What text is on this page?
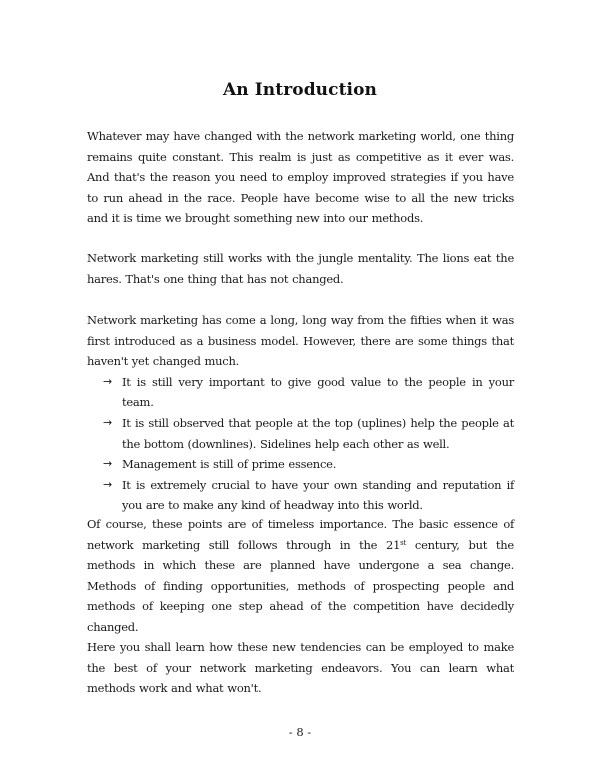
An Introduction

Whatever may have changed with the network marketing world, one thing remains quite constant. This realm is just as competitive as it ever was. And that's the reason you need to employ improved strategies if you have to run ahead in the race. People have become wise to all the new tricks and it is time we brought something new into our methods.

Network marketing still works with the jungle mentality. The lions eat the hares. That's one thing that has not changed.

Network marketing has come a long, long way from the fifties when it was first introduced as a business model. However, there are some things that haven't yet changed much.

→ It is still very important to give good value to the people in your team.
→ It is still observed that people at the top (uplines) help the people at the bottom (downlines). Sidelines help each other as well.
→ Management is still of prime essence.
→ It is extremely crucial to have your own standing and reputation if you are to make any kind of headway into this world.

Of course, these points are of timeless importance. The basic essence of network marketing still follows through in the 21st century, but the methods in which these are planned have undergone a sea change. Methods of finding opportunities, methods of prospecting people and methods of keeping one step ahead of the competition have decidedly changed.

Here you shall learn how these new tendencies can be employed to make the best of your network marketing endeavors. You can learn what methods work and what won't.

- 8 -
